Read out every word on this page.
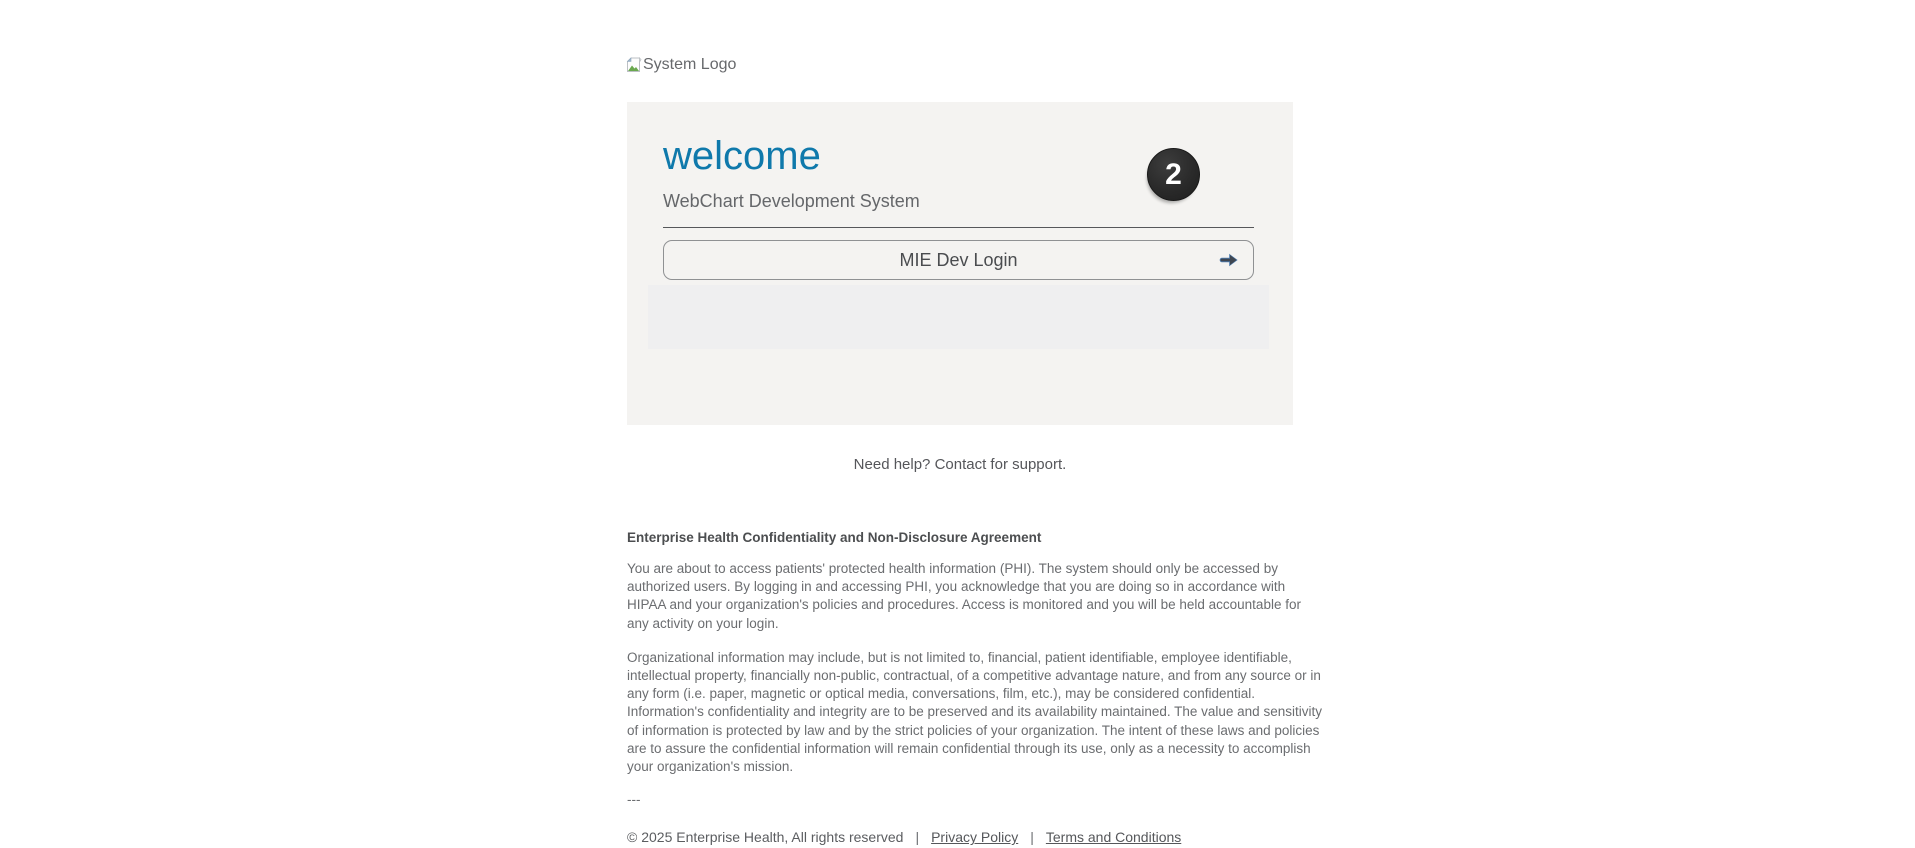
System Logo
welcome
WebChart Development System
MIE Dev Login
2
Need help? Contact for support.
Enterprise Health Confidentiality and Non-Disclosure Agreement

You are about to access patients' protected health information (PHI). The system should only be accessed by authorized users. By logging in and accessing PHI, you acknowledge that you are doing so in accordance with HIPAA and your organization's policies and procedures. Access is monitored and you will be held accountable for any activity on your login.

Organizational information may include, but is not limited to, financial, patient identifiable, employee identifiable, intellectual property, financially non-public, contractual, of a competitive advantage nature, and from any source or in any form (i.e. paper, magnetic or optical media, conversations, film, etc.), may be considered confidential. Information's confidentiality and integrity are to be preserved and its availability maintained. The value and sensitivity of information is protected by law and by the strict policies of your organization. The intent of these laws and policies are to assure the confidential information will remain confidential through its use, only as a necessity to accomplish your organization's mission.

---
© 2025 Enterprise Health, All rights reserved | Privacy Policy | Terms and Conditions
